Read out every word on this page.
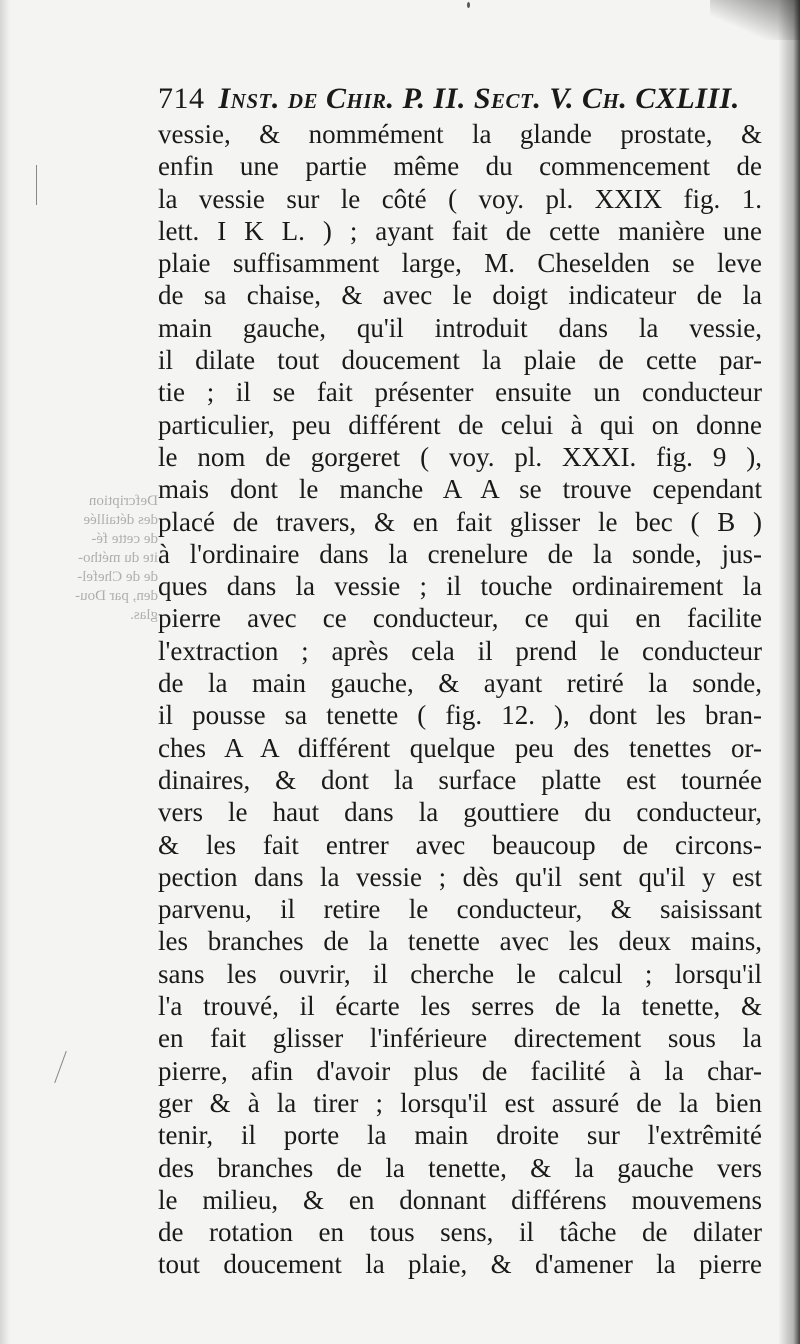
Defcription
des détaillée
de cette fé-
ite du métho-
de de Chefel-
den, par Dou-
glas.
714 Inst. de Chir. P. II. Sect. V. Ch. CXLIII.
vessie, & nommément la glande prostate, &
enfin une partie même du commencement de
la vessie sur le côté ( voy. pl. XXIX fig. 1.
lett. I K L. ) ; ayant fait de cette manière une
plaie suffisamment large, M. Cheselden se leve
de sa chaise, & avec le doigt indicateur de la
main gauche, qu'il introduit dans la vessie,
il dilate tout doucement la plaie de cette par-
tie ; il se fait présenter ensuite un conducteur
particulier, peu différent de celui à qui on donne
le nom de gorgeret ( voy. pl. XXXI. fig. 9 ),
mais dont le manche A A se trouve cependant
placé de travers, & en fait glisser le bec ( B )
à l'ordinaire dans la crenelure de la sonde, jus-
ques dans la vessie ; il touche ordinairement la
pierre avec ce conducteur, ce qui en facilite
l'extraction ; après cela il prend le conducteur
de la main gauche, & ayant retiré la sonde,
il pousse sa tenette ( fig. 12. ), dont les bran-
ches A A différent quelque peu des tenettes or-
dinaires, & dont la surface platte est tournée
vers le haut dans la gouttiere du conducteur,
& les fait entrer avec beaucoup de circons-
pection dans la vessie ; dès qu'il sent qu'il y est
parvenu, il retire le conducteur, & saisissant
les branches de la tenette avec les deux mains,
sans les ouvrir, il cherche le calcul ; lorsqu'il
l'a trouvé, il écarte les serres de la tenette, &
en fait glisser l'inférieure directement sous la
pierre, afin d'avoir plus de facilité à la char-
ger & à la tirer ; lorsqu'il est assuré de la bien
tenir, il porte la main droite sur l'extrêmité
des branches de la tenette, & la gauche vers
le milieu, & en donnant différens mouvemens
de rotation en tous sens, il tâche de dilater
tout doucement la plaie, & d'amener la pierre
